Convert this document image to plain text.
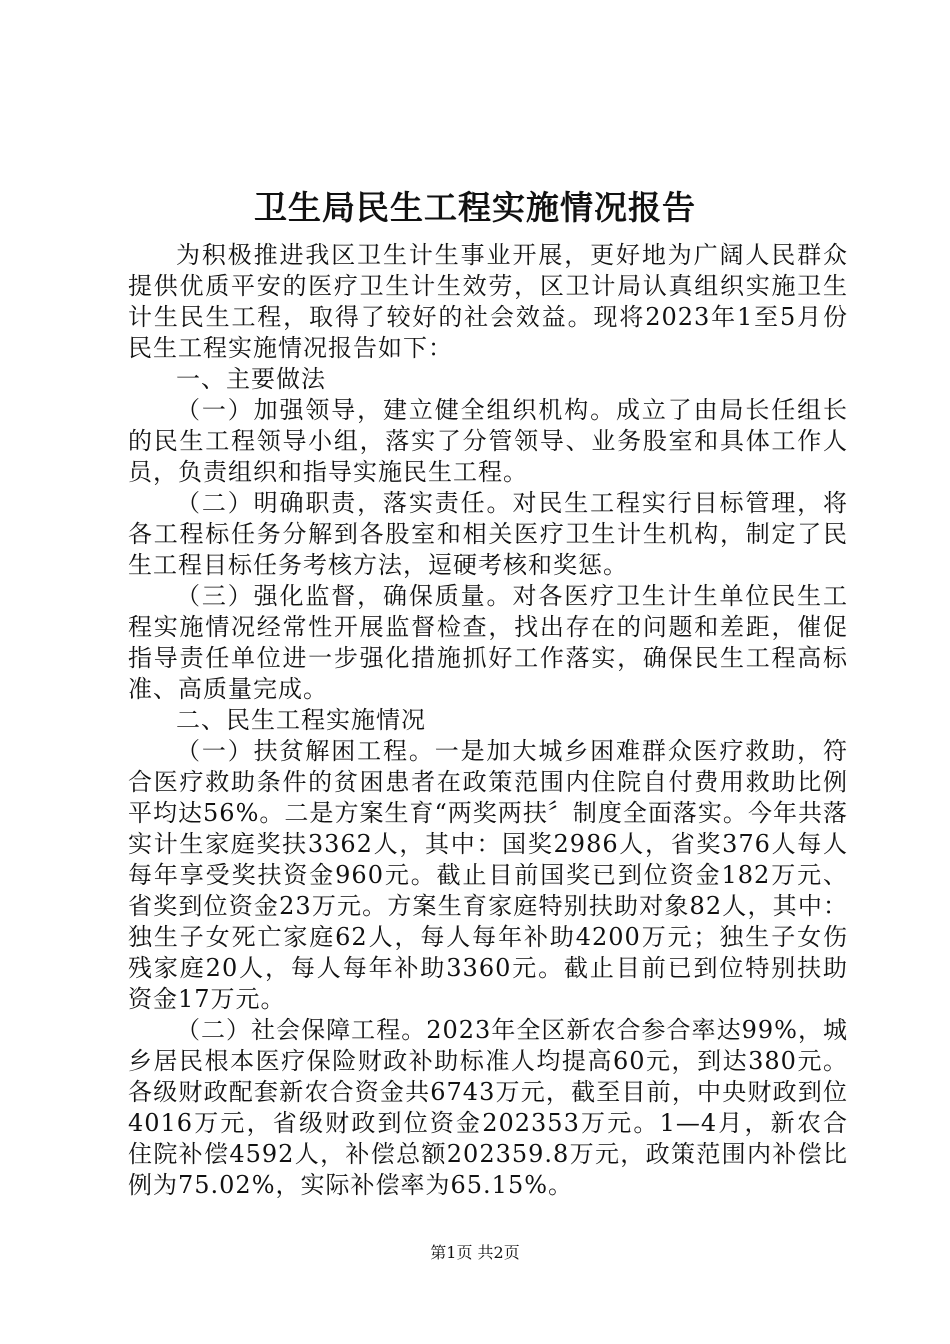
卫生局民生工程实施情况报告

为积极推进我区卫生计生事业开展，更好地为广阔人民群众提供优质平安的医疗卫生计生效劳，区卫计局认真组织实施卫生计生民生工程，取得了较好的社会效益。现将2023年1至5月份民生工程实施情况报告如下：

一、主要做法

（一）加强领导，建立健全组织机构。成立了由局长任组长的民生工程领导小组，落实了分管领导、业务股室和具体工作人员，负责组织和指导实施民生工程。

（二）明确职责，落实责任。对民生工程实行目标管理，将各工程标任务分解到各股室和相关医疗卫生计生机构，制定了民生工程目标任务考核方法，逗硬考核和奖惩。

（三）强化监督，确保质量。对各医疗卫生计生单位民生工程实施情况经常性开展监督检查，找出存在的问题和差距，催促指导责任单位进一步强化措施抓好工作落实，确保民生工程高标准、高质量完成。

二、民生工程实施情况

（一）扶贫解困工程。一是加大城乡困难群众医疗救助，符合医疗救助条件的贫困患者在政策范围内住院自付费用救助比例平均达56%。二是方案生育“两奖两扶〞制度全面落实。今年共落实计生家庭奖扶3362人，其中：国奖2986人，省奖376人每人每年享受奖扶资金960元。截止目前国奖已到位资金182万元、省奖到位资金23万元。方案生育家庭特别扶助对象82人，其中：独生子女死亡家庭62人，每人每年补助4200万元；独生子女伤残家庭20人，每人每年补助3360元。截止目前已到位特别扶助资金17万元。

（二）社会保障工程。2023年全区新农合参合率达99%，城乡居民根本医疗保险财政补助标准人均提高60元，到达380元。各级财政配套新农合资金共6743万元，截至目前，中央财政到位4016万元，省级财政到位资金202353万元。1—4月，新农合住院补偿4592人，补偿总额202359.8万元，政策范围内补偿比例为75.02%，实际补偿率为65.15%。

第1页 共2页
